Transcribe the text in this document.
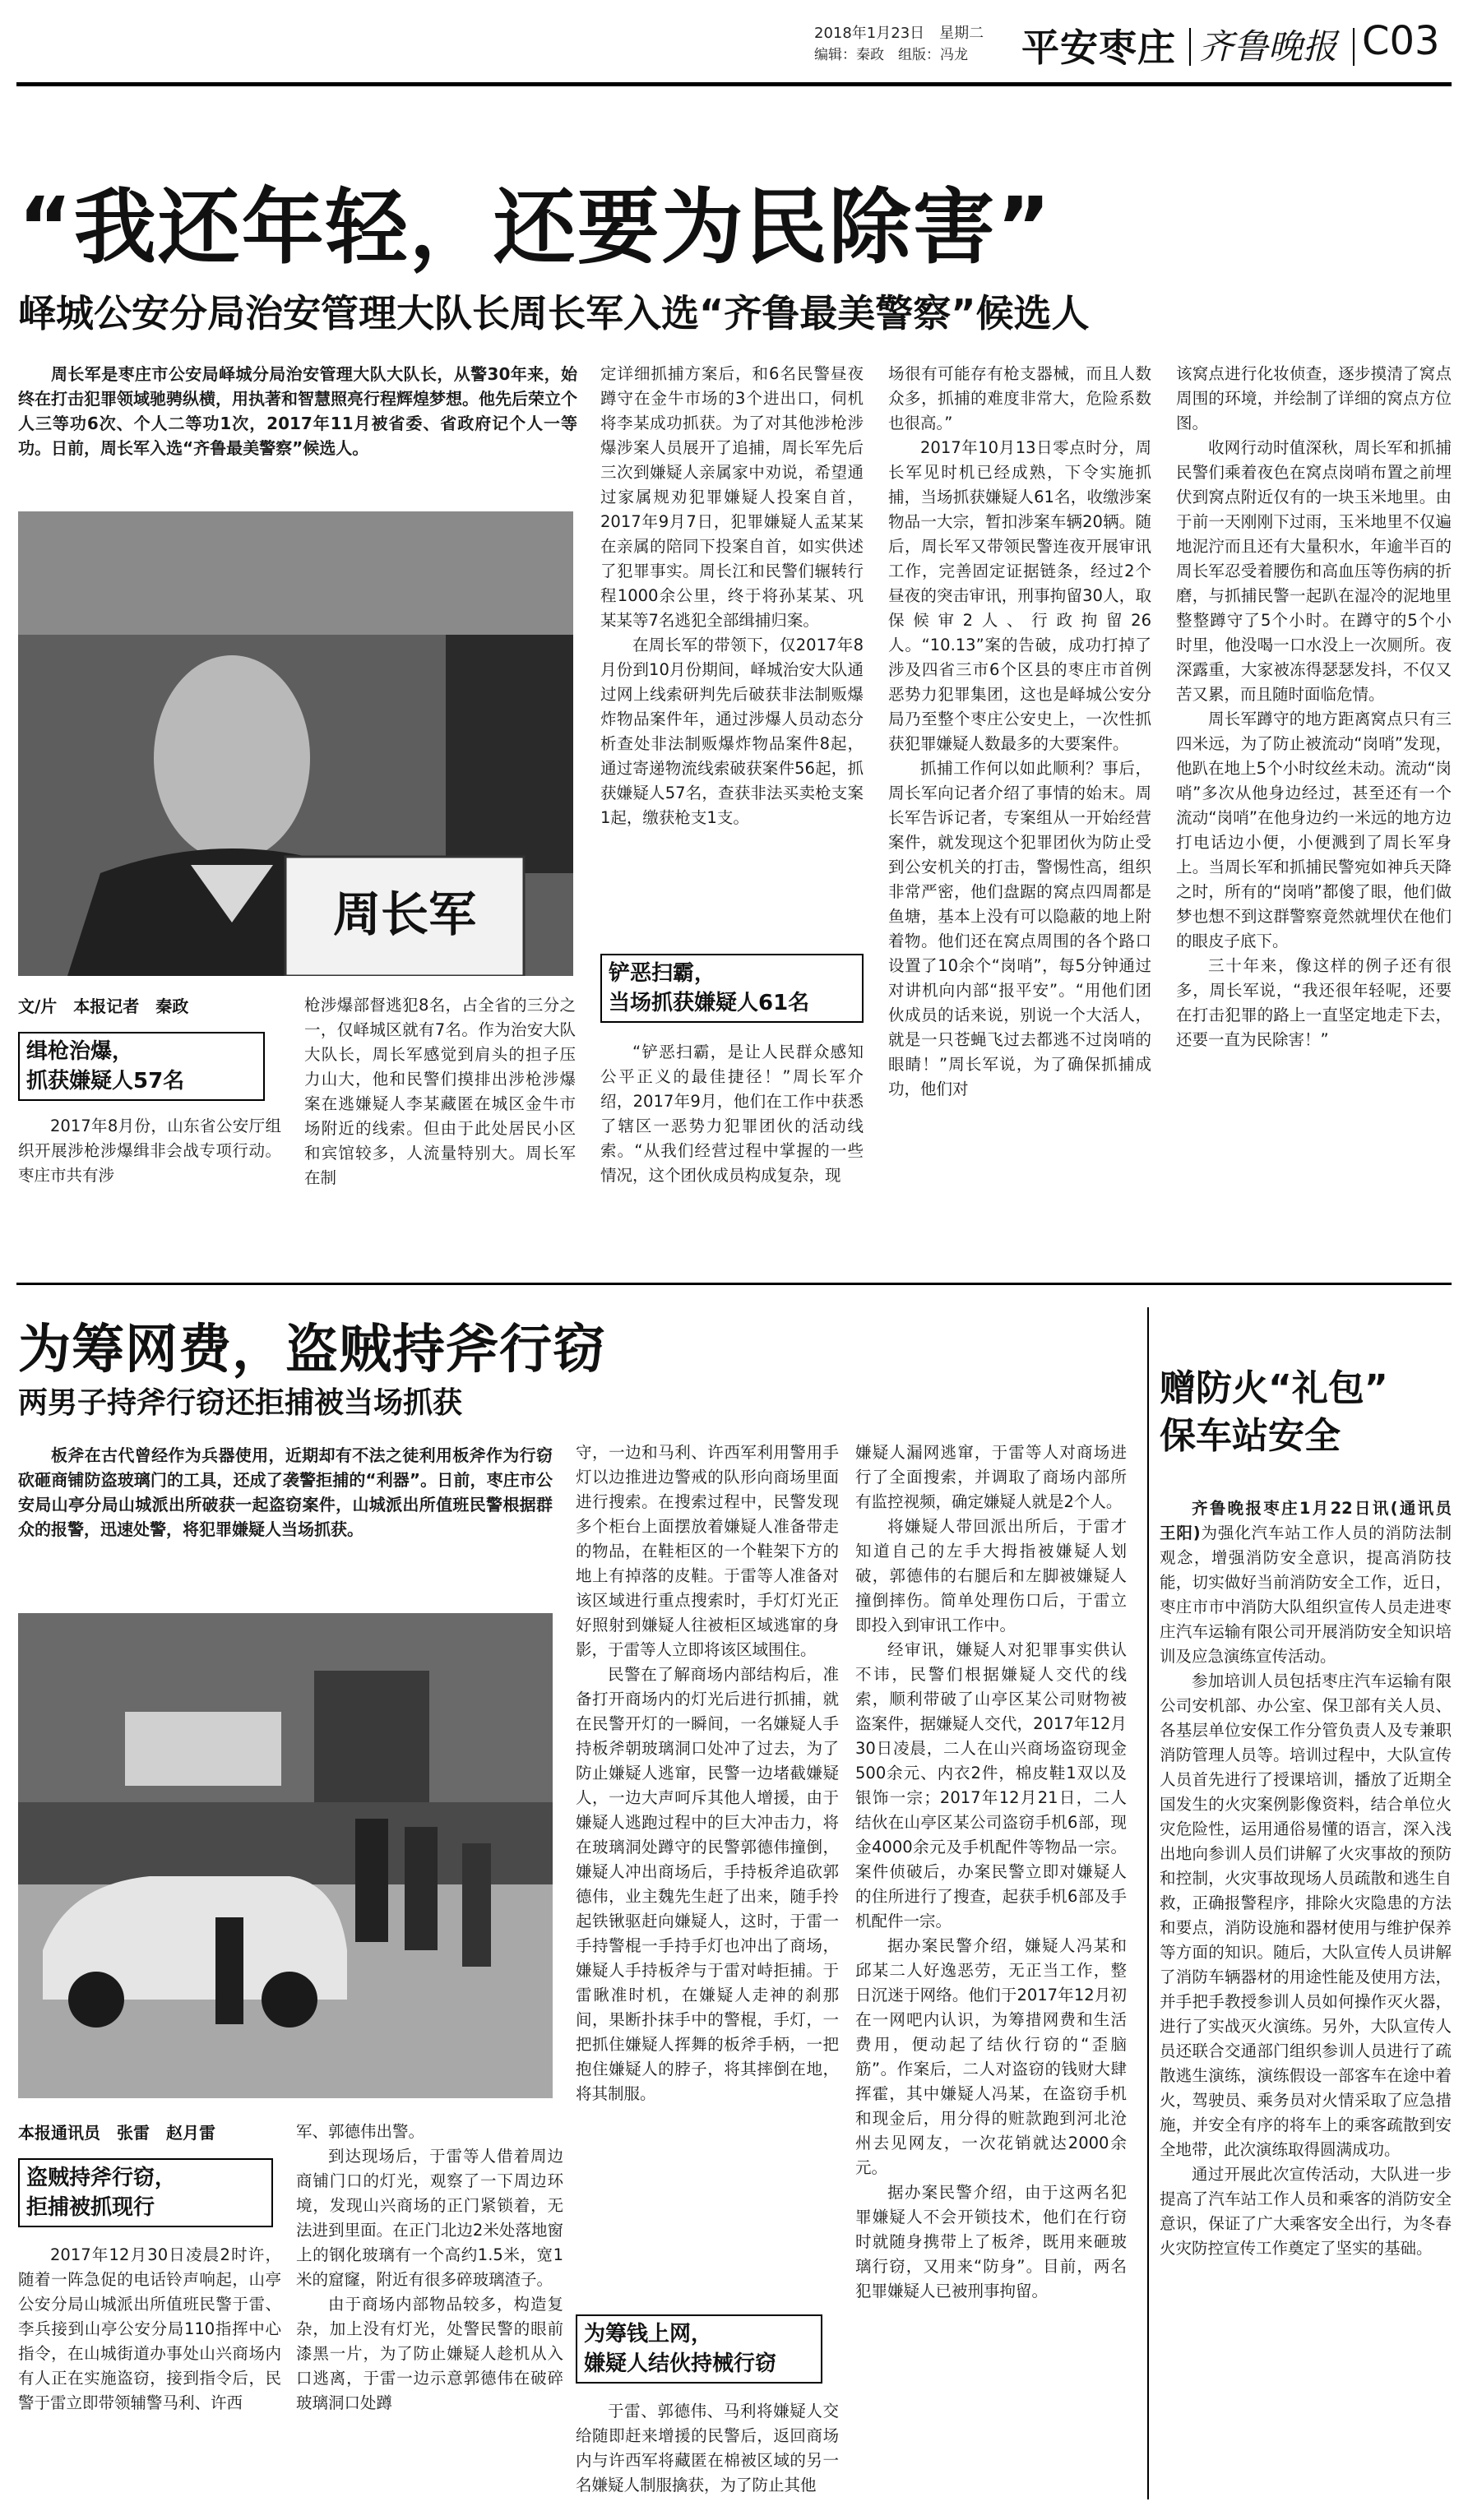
2018年1月23日　星期二
编辑：秦政　组版：冯龙	平安枣庄 齐鲁晚报 C03
“我还年轻，还要为民除害”
峄城公安分局治安管理大队长周长军入选“齐鲁最美警察”候选人

周长军是枣庄市公安局峄城分局治安管理大队大队长，从警30年来，始终在打击犯罪领域驰骋纵横，用执著和智慧照亮行程辉煌梦想。他先后荣立个人三等功6次、个人二等功1次，2017年11月被省委、省政府记个人一等功。日前，周长军入选“齐鲁最美警察”候选人。

周长军
文/片　本报记者　秦政
缉枪治爆，
抓获嫌疑人57名

2017年8月份，山东省公安厅组织开展涉枪涉爆缉非会战专项行动。枣庄市共有涉

枪涉爆部督逃犯8名，占全省的三分之一，仅峄城区就有7名。作为治安大队大队长，周长军感觉到肩头的担子压力山大，他和民警们摸排出涉枪涉爆案在逃嫌疑人李某藏匿在城区金牛市场附近的线索。但由于此处居民小区和宾馆较多，人流量特别大。周长军在制

定详细抓捕方案后，和6名民警昼夜蹲守在金牛市场的3个进出口，伺机将李某成功抓获。为了对其他涉枪涉爆涉案人员展开了追捕，周长军先后三次到嫌疑人亲属家中劝说，希望通过家属规劝犯罪嫌疑人投案自首，2017年9月7日，犯罪嫌疑人孟某某在亲属的陪同下投案自首，如实供述了犯罪事实。周长江和民警们辗转行程1000余公里，终于将孙某某、巩某某等7名逃犯全部缉捕归案。

在周长军的带领下，仅2017年8月份到10月份期间，峄城治安大队通过网上线索研判先后破获非法制贩爆炸物品案件年，通过涉爆人员动态分析查处非法制贩爆炸物品案件8起，通过寄递物流线索破获案件56起，抓获嫌疑人57名，查获非法买卖枪支案1起，缴获枪支1支。

铲恶扫霸，
当场抓获嫌疑人61名

“铲恶扫霸，是让人民群众感知公平正义的最佳捷径！”周长军介绍，2017年9月，他们在工作中获悉了辖区一恶势力犯罪团伙的活动线索。“从我们经营过程中掌握的一些情况，这个团伙成员构成复杂，现

场很有可能存有枪支器械，而且人数众多，抓捕的难度非常大，危险系数也很高。”

2017年10月13日零点时分，周长军见时机已经成熟，下令实施抓捕，当场抓获嫌疑人61名，收缴涉案物品一大宗，暂扣涉案车辆20辆。随后，周长军又带领民警连夜开展审讯工作，完善固定证据链条，经过2个昼夜的突击审讯，刑事拘留30人，取保候审2人、行政拘留26人。“10.13”案的告破，成功打掉了涉及四省三市6个区县的枣庄市首例恶势力犯罪集团，这也是峄城公安分局乃至整个枣庄公安史上，一次性抓获犯罪嫌疑人数最多的大要案件。

抓捕工作何以如此顺利？事后，周长军向记者介绍了事情的始末。周长军告诉记者，专案组从一开始经营案件，就发现这个犯罪团伙为防止受到公安机关的打击，警惕性高，组织非常严密，他们盘踞的窝点四周都是鱼塘，基本上没有可以隐蔽的地上附着物。他们还在窝点周围的各个路口设置了10余个“岗哨”，每5分钟通过对讲机向内部“报平安”。“用他们团伙成员的话来说，别说一个大活人，就是一只苍蝇飞过去都逃不过岗哨的眼睛！”周长军说，为了确保抓捕成功，他们对

该窝点进行化妆侦查，逐步摸清了窝点周围的环境，并绘制了详细的窝点方位图。

收网行动时值深秋，周长军和抓捕民警们乘着夜色在窝点岗哨布置之前埋伏到窝点附近仅有的一块玉米地里。由于前一天刚刚下过雨，玉米地里不仅遍地泥泞而且还有大量积水，年逾半百的周长军忍受着腰伤和高血压等伤病的折磨，与抓捕民警一起趴在湿冷的泥地里整整蹲守了5个小时。在蹲守的5个小时里，他没喝一口水没上一次厕所。夜深露重，大家被冻得瑟瑟发抖，不仅又苦又累，而且随时面临危情。

周长军蹲守的地方距离窝点只有三四米远，为了防止被流动“岗哨”发现，他趴在地上5个小时纹丝未动。流动“岗哨”多次从他身边经过，甚至还有一个流动“岗哨”在他身边约一米远的地方边打电话边小便，小便溅到了周长军身上。当周长军和抓捕民警宛如神兵天降之时，所有的“岗哨”都傻了眼，他们做梦也想不到这群警察竟然就埋伏在他们的眼皮子底下。

三十年来，像这样的例子还有很多，周长军说，“我还很年轻呢，还要在打击犯罪的路上一直坚定地走下去，还要一直为民除害！”

为筹网费，盗贼持斧行窃
两男子持斧行窃还拒捕被当场抓获

板斧在古代曾经作为兵器使用，近期却有不法之徒利用板斧作为行窃砍砸商铺防盗玻璃门的工具，还成了袭警拒捕的“利器”。日前，枣庄市公安局山亭分局山城派出所破获一起盗窃案件，山城派出所值班民警根据群众的报警，迅速处警，将犯罪嫌疑人当场抓获。

本报通讯员　张雷　赵月雷
盗贼持斧行窃，
拒捕被抓现行

2017年12月30日凌晨2时许，随着一阵急促的电话铃声响起，山亭公安分局山城派出所值班民警于雷、李兵接到山亭公安分局110指挥中心指令，在山城街道办事处山兴商场内有人正在实施盗窃，接到指令后，民警于雷立即带领辅警马利、许西

军、郭德伟出警。

到达现场后，于雷等人借着周边商铺门口的灯光，观察了一下周边环境，发现山兴商场的正门紧锁着，无法进到里面。在正门北边2米处落地窗上的钢化玻璃有一个高约1.5米，宽1米的窟窿，附近有很多碎玻璃渣子。

由于商场内部物品较多，构造复杂，加上没有灯光，处警民警的眼前漆黑一片，为了防止嫌疑人趁机从入口逃离，于雷一边示意郭德伟在破碎玻璃洞口处蹲

守，一边和马利、许西军利用警用手灯以边推进边警戒的队形向商场里面进行搜索。在搜索过程中，民警发现多个柜台上面摆放着嫌疑人准备带走的物品，在鞋柜区的一个鞋架下方的地上有掉落的皮鞋。于雷等人准备对该区域进行重点搜索时，手灯灯光正好照射到嫌疑人往被柜区域逃窜的身影，于雷等人立即将该区域围住。

民警在了解商场内部结构后，准备打开商场内的灯光后进行抓捕，就在民警开灯的一瞬间，一名嫌疑人手持板斧朝玻璃洞口处冲了过去，为了防止嫌疑人逃窜，民警一边堵截嫌疑人，一边大声呵斥其他人增援，由于嫌疑人逃跑过程中的巨大冲击力，将在玻璃洞处蹲守的民警郭德伟撞倒，嫌疑人冲出商场后，手持板斧追砍郭德伟，业主魏先生赶了出来，随手拎起铁锹驱赶向嫌疑人，这时，于雷一手持警棍一手持手灯也冲出了商场，嫌疑人手持板斧与于雷对峙拒捕。于雷瞅准时机，在嫌疑人走神的刹那间，果断扑抹手中的警棍，手灯，一把抓住嫌疑人挥舞的板斧手柄，一把抱住嫌疑人的脖子，将其摔倒在地，将其制服。

为筹钱上网，
嫌疑人结伙持械行窃

于雷、郭德伟、马利将嫌疑人交给随即赶来增援的民警后，返回商场内与许西军将藏匿在棉被区域的另一名嫌疑人制服擒获，为了防止其他

嫌疑人漏网逃窜，于雷等人对商场进行了全面搜索，并调取了商场内部所有监控视频，确定嫌疑人就是2个人。

将嫌疑人带回派出所后，于雷才知道自己的左手大拇指被嫌疑人划破，郭德伟的右腿后和左脚被嫌疑人撞倒摔伤。简单处理伤口后，于雷立即投入到审讯工作中。

经审讯，嫌疑人对犯罪事实供认不讳，民警们根据嫌疑人交代的线索，顺利带破了山亭区某公司财物被盗案件，据嫌疑人交代，2017年12月30日凌晨，二人在山兴商场盗窃现金500余元、内衣2件，棉皮鞋1双以及银饰一宗；2017年12月21日，二人结伙在山亭区某公司盗窃手机6部，现金4000余元及手机配件等物品一宗。案件侦破后，办案民警立即对嫌疑人的住所进行了搜查，起获手机6部及手机配件一宗。

据办案民警介绍，嫌疑人冯某和邱某二人好逸恶劳，无正当工作，整日沉迷于网络。他们于2017年12月初在一网吧内认识，为筹措网费和生活费用，便动起了结伙行窃的“歪脑筋”。作案后，二人对盗窃的钱财大肆挥霍，其中嫌疑人冯某，在盗窃手机和现金后，用分得的赃款跑到河北沧州去见网友，一次花销就达2000余元。

据办案民警介绍，由于这两名犯罪嫌疑人不会开锁技术，他们在行窃时就随身携带上了板斧，既用来砸玻璃行窃，又用来“防身”。目前，两名犯罪嫌疑人已被刑事拘留。

赠防火“礼包”
保车站安全

齐鲁晚报枣庄1月22日讯(通讯员　王阳)为强化汽车站工作人员的消防法制观念，增强消防安全意识，提高消防技能，切实做好当前消防安全工作，近日，枣庄市市中消防大队组织宣传人员走进枣庄汽车运输有限公司开展消防安全知识培训及应急演练宣传活动。

参加培训人员包括枣庄汽车运输有限公司安机部、办公室、保卫部有关人员、各基层单位安保工作分管负责人及专兼职消防管理人员等。培训过程中，大队宣传人员首先进行了授课培训，播放了近期全国发生的火灾案例影像资料，结合单位火灾危险性，运用通俗易懂的语言，深入浅出地向参训人员们讲解了火灾事故的预防和控制，火灾事故现场人员疏散和逃生自救，正确报警程序，排除火灾隐患的方法和要点，消防设施和器材使用与维护保养等方面的知识。随后，大队宣传人员讲解了消防车辆器材的用途性能及使用方法，并手把手教授参训人员如何操作灭火器，进行了实战灭火演练。另外，大队宣传人员还联合交通部门组织参训人员进行了疏散逃生演练，演练假设一部客车在途中着火，驾驶员、乘务员对火情采取了应急措施，并安全有序的将车上的乘客疏散到安全地带，此次演练取得圆满成功。

通过开展此次宣传活动，大队进一步提高了汽车站工作人员和乘客的消防安全意识，保证了广大乘客安全出行，为冬春火灾防控宣传工作奠定了坚实的基础。
